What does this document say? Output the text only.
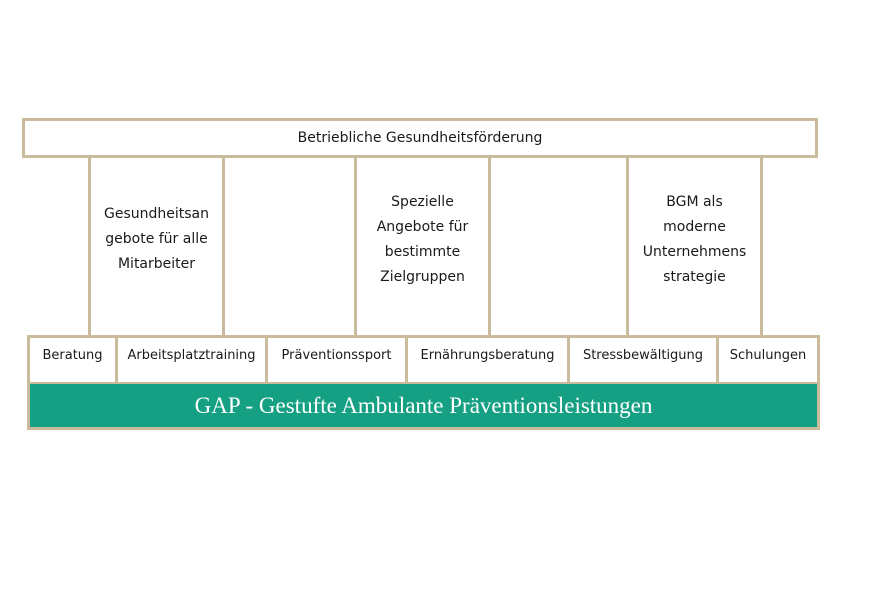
Betriebliche Gesundheitsförderung
Gesundheitsan
gebote für alle
Mitarbeiter
Spezielle
Angebote für
bestimmte
Zielgruppen
BGM als
moderne
Unternehmens
strategie
Beratung Arbeitsplatztraining Präventionssport Ernährungsberatung Stressbewältigung Schulungen
GAP - Gestufte Ambulante Präventionsleistungen
